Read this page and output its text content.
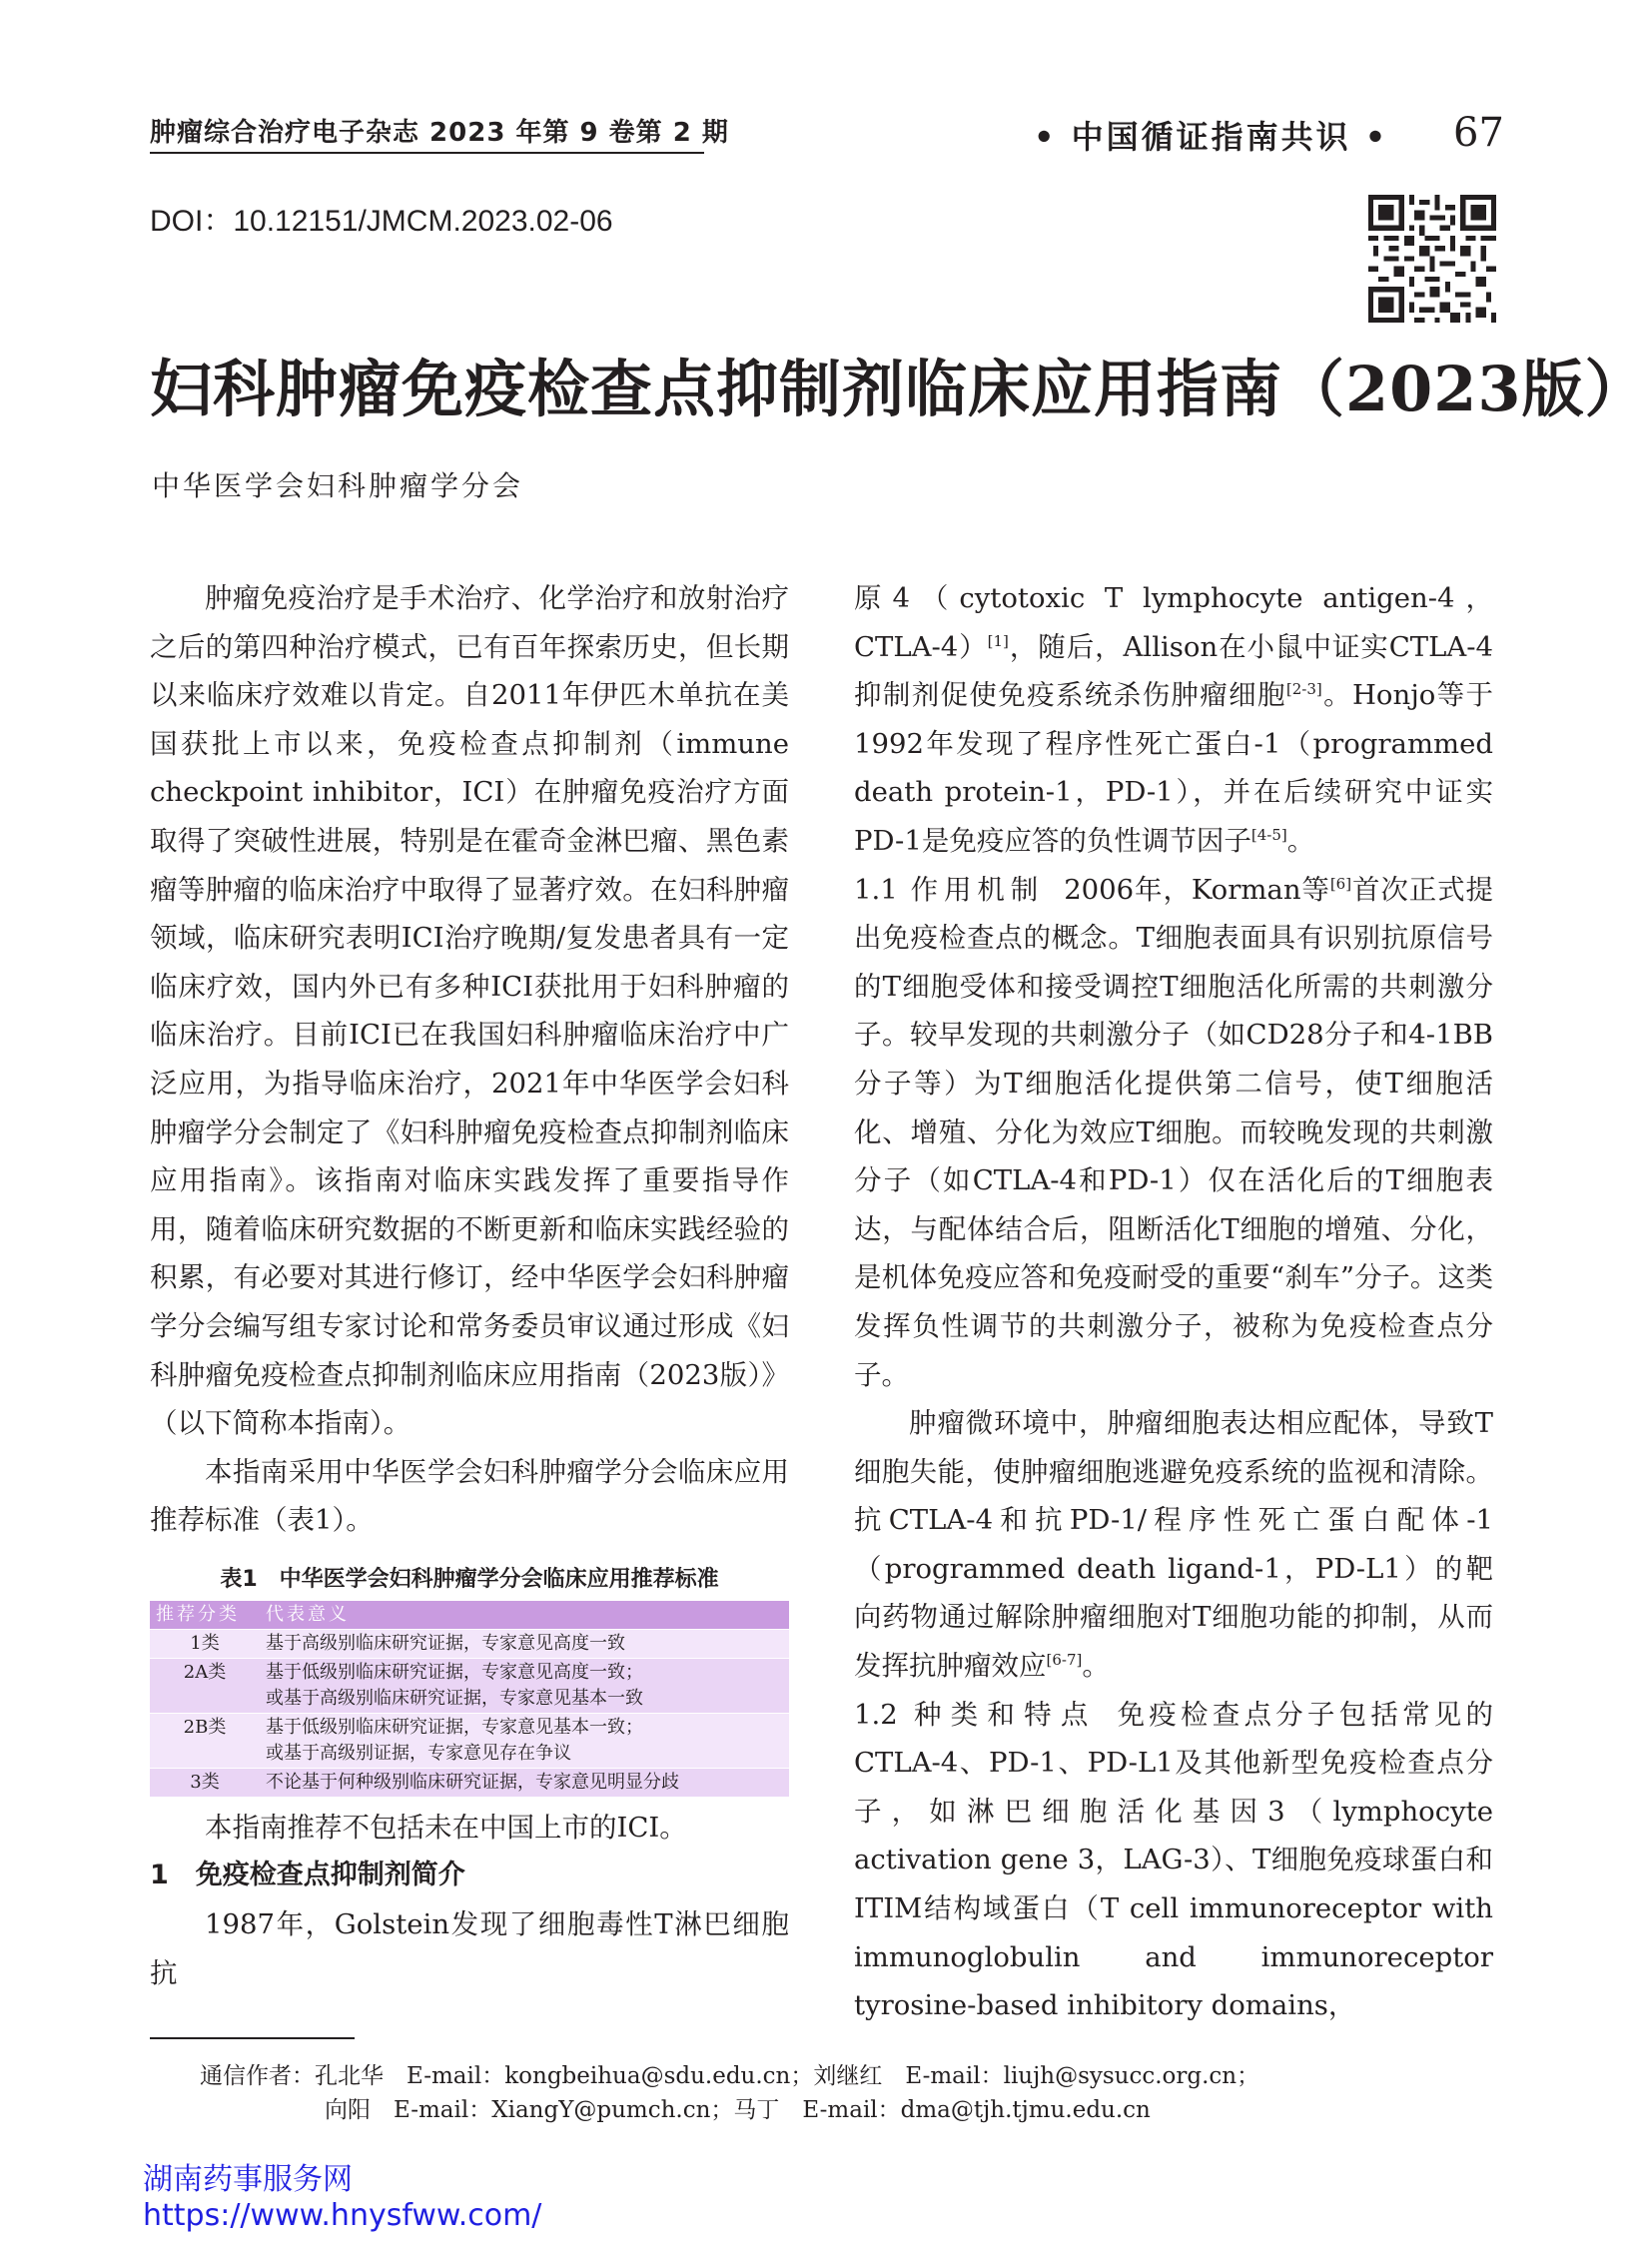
肿瘤综合治疗电子杂志 2023 年第 9 卷第 2 期	• 中国循证指南共识 • 67
DOI：10.12151/JMCM.2023.02-06
妇科肿瘤免疫检查点抑制剂临床应用指南（2023版）
中华医学会妇科肿瘤学分会

肿瘤免疫治疗是手术治疗、化学治疗和放射治疗之后的第四种治疗模式，已有百年探索历史，但长期以来临床疗效难以肯定。自2011年伊匹木单抗在美国获批上市以来，免疫检查点抑制剂（immune checkpoint inhibitor，ICI）在肿瘤免疫治疗方面取得了突破性进展，特别是在霍奇金淋巴瘤、黑色素瘤等肿瘤的临床治疗中取得了显著疗效。在妇科肿瘤领域，临床研究表明ICI治疗晚期/复发患者具有一定临床疗效，国内外已有多种ICI获批用于妇科肿瘤的临床治疗。目前ICI已在我国妇科肿瘤临床治疗中广泛应用，为指导临床治疗，2021年中华医学会妇科肿瘤学分会制定了《妇科肿瘤免疫检查点抑制剂临床应用指南》。该指南对临床实践发挥了重要指导作用，随着临床研究数据的不断更新和临床实践经验的积累，有必要对其进行修订，经中华医学会妇科肿瘤学分会编写组专家讨论和常务委员审议通过形成《妇科肿瘤免疫检查点抑制剂临床应用指南（2023版）》（以下简称本指南）。

本指南采用中华医学会妇科肿瘤学分会临床应用推荐标准（表1）。

表1　中华医学会妇科肿瘤学分会临床应用推荐标准
推荐分类	代表意义
1类	基于高级别临床研究证据，专家意见高度一致

2A类	基于低级别临床研究证据，专家意见高度一致；
或基于高级别临床研究证据，专家意见基本一致

2B类	基于低级别临床研究证据，专家意见基本一致；
或基于高级别证据，专家意见存在争议

3类	不论基于何种级别临床研究证据，专家意见明显分歧

本指南推荐不包括未在中国上市的ICI。

1　免疫检查点抑制剂简介

1987年，Golstein发现了细胞毒性T淋巴细胞抗

原4（cytotoxic T lymphocyte antigen-4，CTLA-4）[1]，随后，Allison在小鼠中证实CTLA-4抑制剂促使免疫系统杀伤肿瘤细胞[2-3]。Honjo等于1992年发现了程序性死亡蛋白-1（programmed death protein-1，PD-1），并在后续研究中证实PD-1是免疫应答的负性调节因子[4-5]。

1.1 作用机制 2006年，Korman等[6]首次正式提出免疫检查点的概念。T细胞表面具有识别抗原信号的T细胞受体和接受调控T细胞活化所需的共刺激分子。较早发现的共刺激分子（如CD28分子和4-1BB分子等）为T细胞活化提供第二信号，使T细胞活化、增殖、分化为效应T细胞。而较晚发现的共刺激分子（如CTLA-4和PD-1）仅在活化后的T细胞表达，与配体结合后，阻断活化T细胞的增殖、分化，是机体免疫应答和免疫耐受的重要“刹车”分子。这类发挥负性调节的共刺激分子，被称为免疫检查点分子。

肿瘤微环境中，肿瘤细胞表达相应配体，导致T细胞失能，使肿瘤细胞逃避免疫系统的监视和清除。抗CTLA-4和抗PD-1/程序性死亡蛋白配体-1（programmed death ligand-1，PD-L1）的靶向药物通过解除肿瘤细胞对T细胞功能的抑制，从而发挥抗肿瘤效应[6-7]。

1.2 种类和特点 免疫检查点分子包括常见的CTLA-4、PD-1、PD-L1及其他新型免疫检查点分子，如淋巴细胞活化基因3（lymphocyte activation gene 3，LAG-3）、T细胞免疫球蛋白和ITIM结构域蛋白（T cell immunoreceptor with immunoglobulin and immunoreceptor tyrosine-based inhibitory domains，

通信作者：孔北华　E-mail：kongbeihua@sdu.edu.cn；刘继红　E-mail：liujh@sysucc.org.cn；
向阳　E-mail：XiangY@pumch.cn；马丁　E-mail：dma@tjh.tjmu.edu.cn
湖南药事服务网
https://www.hnysfww.com/
